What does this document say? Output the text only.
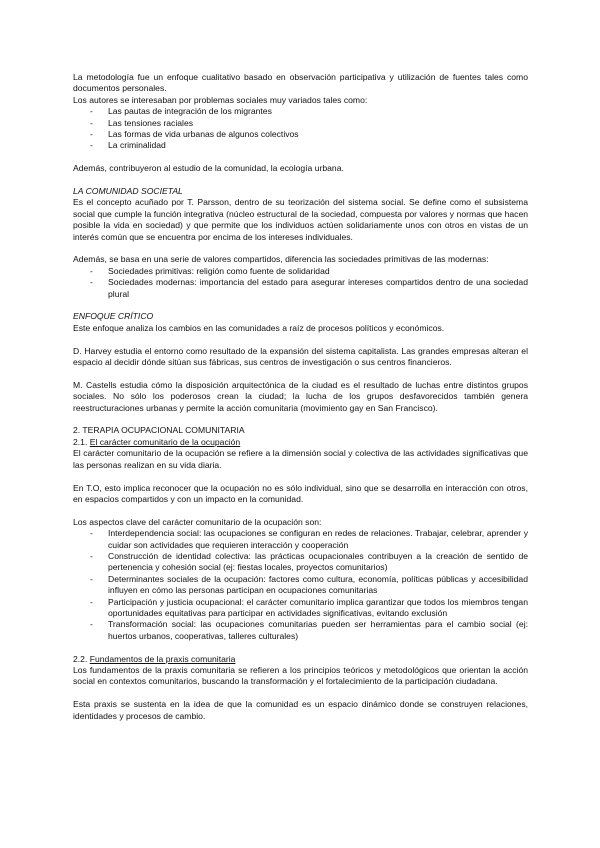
La metodología fue un enfoque cualitativo basado en observación participativa y utilización de fuentes tales como documentos personales.

Los autores se interesaban por problemas sociales muy variados tales como:

- Las pautas de integración de los migrantes
- Las tensiones raciales
- Las formas de vida urbanas de algunos colectivos
- La criminalidad

Además, contribuyeron al estudio de la comunidad, la ecología urbana.

LA COMUNIDAD SOCIETAL

Es el concepto acuñado por T. Parsson, dentro de su teorización del sistema social. Se define como el subsistema social que cumple la función integrativa (núcleo estructural de la sociedad, compuesta por valores y normas que hacen posible la vida en sociedad) y que permite que los individuos actúen solidariamente unos con otros en vistas de un interés común que se encuentra por encima de los intereses individuales.

Además, se basa en una serie de valores compartidos, diferencia las sociedades primitivas de las modernas:

- Sociedades primitivas: religión como fuente de solidaridad
- Sociedades modernas: importancia del estado para asegurar intereses compartidos dentro de una sociedad plural

ENFOQUE CRÍTICO

Este enfoque analiza los cambios en las comunidades a raíz de procesos políticos y económicos.

D. Harvey estudia el entorno como resultado de la expansión del sistema capitalista. Las grandes empresas alteran el espacio al decidir dónde sitúan sus fábricas, sus centros de investigación o sus centros financieros.

M. Castells estudia cómo la disposición arquitectónica de la ciudad es el resultado de luchas entre distintos grupos sociales. No sólo los poderosos crean la ciudad; la lucha de los grupos desfavorecidos también genera reestructuraciones urbanas y permite la acción comunitaria (movimiento gay en San Francisco).

2. TERAPIA OCUPACIONAL COMUNITARIA

2.1. El carácter comunitario de la ocupación

El carácter comunitario de la ocupación se refiere a la dimensión social y colectiva de las actividades significativas que las personas realizan en su vida diaria.

En T.O, esto implica reconocer que la ocupación no es sólo individual, sino que se desarrolla en interacción con otros, en espacios compartidos y con un impacto en la comunidad.

Los aspectos clave del carácter comunitario de la ocupación son:

- Interdependencia social: las ocupaciones se configuran en redes de relaciones. Trabajar, celebrar, aprender y cuidar son actividades que requieren interacción y cooperación
- Construcción de identidad colectiva: las prácticas ocupacionales contribuyen a la creación de sentido de pertenencia y cohesión social (ej: fiestas locales, proyectos comunitarios)
- Determinantes sociales de la ocupación: factores como cultura, economía, políticas públicas y accesibilidad influyen en cómo las personas participan en ocupaciones comunitarias
- Participación y justicia ocupacional: el carácter comunitario implica garantizar que todos los miembros tengan oportunidades equitativas para participar en actividades significativas, evitando exclusión
- Transformación social: las ocupaciones comunitarias pueden ser herramientas para el cambio social (ej: huertos urbanos, cooperativas, talleres culturales)

2.2. Fundamentos de la praxis comunitaria

Los fundamentos de la praxis comunitaria se refieren a los principios teóricos y metodológicos que orientan la acción social en contextos comunitarios, buscando la transformación y el fortalecimiento de la participación ciudadana.

Esta praxis se sustenta en la idea de que la comunidad es un espacio dinámico donde se construyen relaciones, identidades y procesos de cambio.
